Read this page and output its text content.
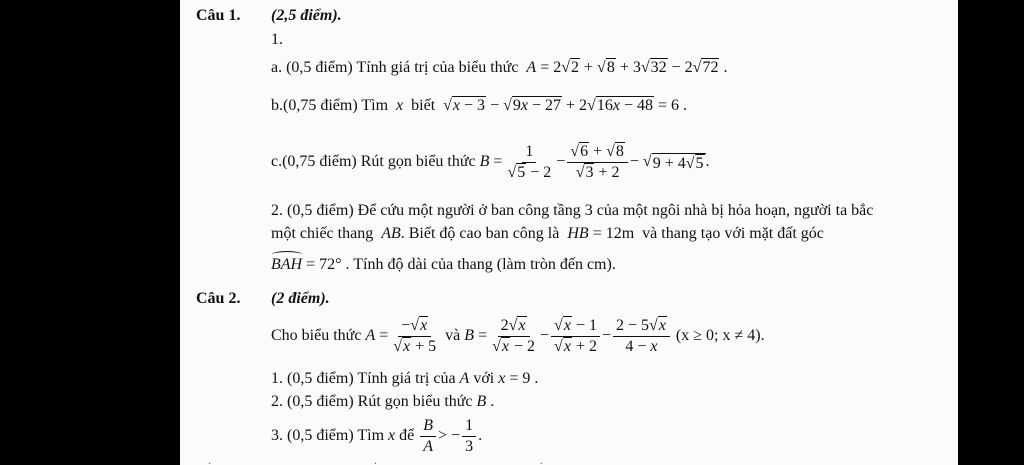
Câu 1. (2,5 điểm).
1.
a. (0,5 điểm) Tính giá trị của biểu thức A = 2√2 + √8 + 3√32 − 2√72 .
b.(0,75 điểm) Tìm  x  biết  √x − 3 − √9x − 27 + 2√16x − 48 = 6 .
c.(0,75 điểm) Rút gọn biểu thức
$B = \frac{1}{√5 - 2} - \frac{√6 + √8}{√3 + 2}$ − √ 9 + 4√5 .
2. (0,5 điểm) Để cứu một người ở ban công tầng 3 của một ngôi nhà bị hỏa hoạn, người ta bắc
một chiếc thang  AB. Biết độ cao ban công là HB = 12m  và thang tạo với mặt đất góc
BAH = 72° . Tính độ dài của thang (làm tròn đến cm).
Câu 2. (2 điểm).
Cho biểu thức
$A = \frac{-√x}{√x + 5}$
và
$B = \frac{2√x}{√x - 2} - \frac{√x - 1}{√x + 2} - \frac{2 - 5√x}{4 - x}$
(x ≥ 0; x ≠ 4).
1. (0,5 điểm) Tính giá trị của A với x = 9 .
2. (0,5 điểm) Rút gọn biểu thức B .
3. (0,5 điểm) Tìm
x
để
$\frac{B}{A}$ > − $\frac{1}{3}$ .
· · ·
